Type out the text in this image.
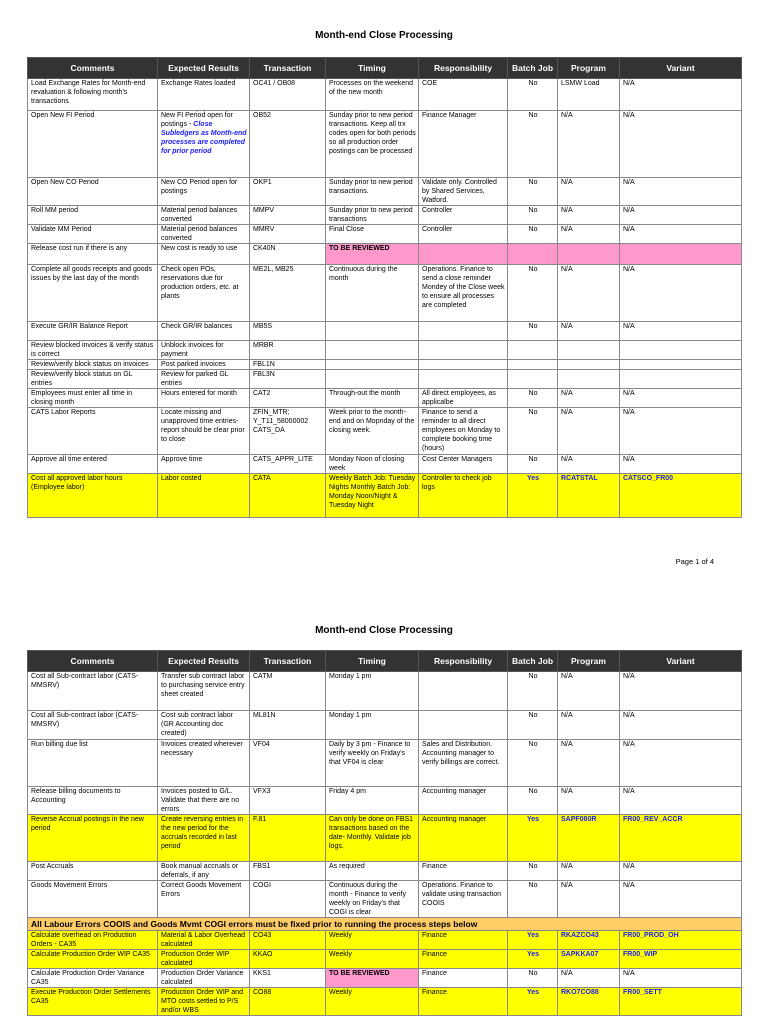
Month-end Close Processing
Comments	Expected Results	Transaction	Timing	Responsibility	Batch Job	Program	Variant
Load Exchange Rates for Month-end revaluation & following month's transactions	Exchange Rates loaded	OC41 / OB08	Processes on the weekend of the new month	COE	No	LSMW Load	N/A
Open New FI Period	New FI Period open for postings - Close Subledgers as Month-end processes are completed for prior period	OB52	Sunday prior to new period transactions. Keep all trx codes open for both periods so all production order postings can be processed	Finance Manager	No	N/A	N/A
Open New CO Period	New CO Period open for postings	OKP1	Sunday prior to new period transactions.	Validate only. Controlled by Shared Services, Watford.	No	N/A	N/A
Roll MM period	Material period balances converted	MMPV	Sunday prior to new period transactions	Controller	No	N/A	N/A
Validate MM Period	Material period balances converted	MMRV	Final Close	Controller	No	N/A	N/A
Release cost run if there is any	New cost is ready to use	CK40N	TO BE REVIEWED				
Complete all goods receipts and goods issues by the last day of the month	Check open POs, reservations due for production orders, etc. at plants	ME2L, MB25	Continuous during the month	Operations. Finance to send a close reminder Mondey of the Close week to ensure all processes are completed	No	N/A	N/A
Execute GR/IR Balance Report	Check GR/IR balances	MB5S			No	N/A	N/A
Review blocked invoices & verify status is correct	Unblock invoices for payment	MRBR					
Review/verify block status on invoices	Post parked invoices	FBL1N					
Review/verify block status on GL entries	Review for parked GL entries	FBL3N					
Employees must enter all time in closing month	Hours entered for month	CAT2	Through-out the month	All direct employees, as applicalbe	No	N/A	N/A
CATS Labor Reports	Locate missing and unapproved time entries- report should be clear prior to close	ZFIN_MTR; Y_T11_58000002 CATS_DA	Week prior to the month-end and on Mopnday of the closing week.	Finance to send a reminder to all direct employees on Monday to complete booking time (hours)	No	N/A	N/A
Approve all time entered	Approve time	CATS_APPR_LITE	Monday Noon of closing week	Cost Center Managers	No	N/A	N/A
Cost all approved labor hours (Employee labor)	Labor costed	CATA	Weekly Batch Job: Tuesday Nights Monthly Batch Job: Monday Noon/Night & Tuesday Night	Controller to check job logs	Yes	RCATSTAL	CATSCO_FR00
Page 1 of 4
Month-end Close Processing
Comments	Expected Results	Transaction	Timing	Responsibility	Batch Job	Program	Variant
Cost all Sub-contract labor (CATS-MMSRV)	Transfer sub contract labor to purchasing service entry sheet created	CATM	Monday 1 pm		No	N/A	N/A
Cost all Sub-contract labor (CATS-MMSRV)	Cost sub contract labor (GR Accounting doc created)	ML81N	Monday 1 pm		No	N/A	N/A
Run billing due list	Invoices created wherever necessary	VF04	Daily by 3 pm - Finance to verify weekly on Friday's that VF04 is clear	Sales and Distribution. Accounting manager to verify billings are correct.	No	N/A	N/A
Release billing documents to Accounting	Invoices posted to G/L. Validate that there are no errors	VFX3	Friday 4 pm	Accounting manager	No	N/A	N/A
Reverse Accrual postings in the new period	Create reversing entries in the new period for the accruals recorded in last period	F.81	Can only be done on FBS1 transactions based on the date- Monthly. Validate job logs.	Accounting manager	Yes	SAPF080R	FR00_REV_ACCR
Post Accruals	Book manual accruals or deferrals, if any	FBS1	As required	Finance	No	N/A	N/A
Goods Movement Errors	Correct Goods Movement Errors	COGI	Continuous during the month - Finance to verify weekly on Friday's that COGI is clear	Operations. Finance to validate using transaction COOIS	No	N/A	N/A
All Labour Errors COOIS and Goods Mvmt COGI errors must be fixed prior to running the process steps below							
Calculate overhead on Production Orders - CA35	Material & Labor Overhead calculated	CO43	Weekly	Finance	Yes	RKAZCO43	FR00_PROD_OH
Calculate Production Order WIP CA35	Production Order WIP calculated	KKAO	Weekly	Finance	Yes	SAPKKA07	FR00_WIP
Calculate Production Order Variance CA35	Production Order Variance calculated	KKS1	TO BE REVIEWED	Finance	No	N/A	N/A
Execute Production Order Settlements CA35	Production Order WIP and MTO costs settled to P/S and/or WBS	CO88	Weekly	Finance	Yes	RKO7CO88	FR00_SETT
